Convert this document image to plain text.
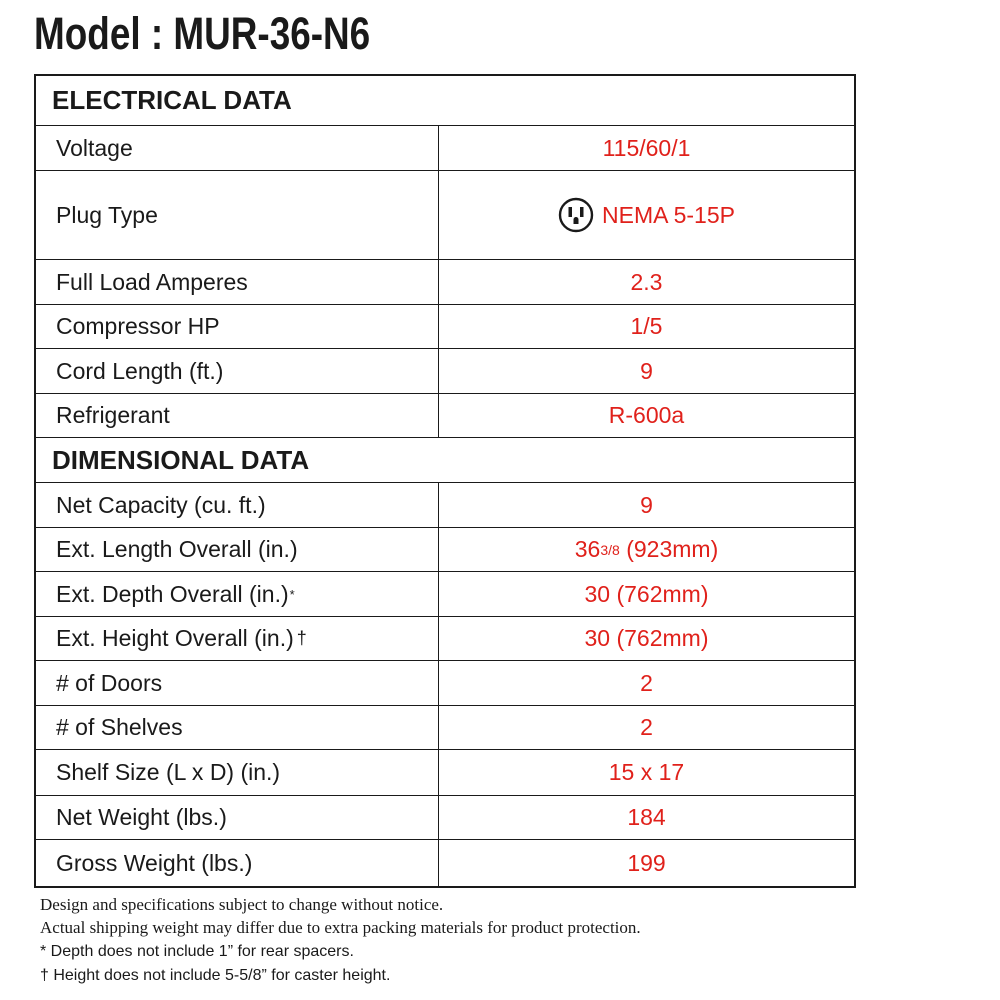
Model : MUR-36-N6
ELECTRICAL DATA
Voltage	115/60/1
Plug Type	NEMA 5-15P
Full Load Amperes	2.3
Compressor HP	1/5
Cord Length (ft.)	9
Refrigerant	R-600a
DIMENSIONAL DATA
Net Capacity (cu. ft.)	9
Ext. Length Overall (in.)	36 3/8 (923mm)
Ext. Depth Overall (in.) *	30 (762mm)
Ext. Height Overall (in.) †	30 (762mm)
# of Doors	2
# of Shelves	2
Shelf Size (L x D) (in.)	15 x 17
Net Weight (lbs.)	184
Gross Weight (lbs.)	199
Design and specifications subject to change without notice.
Actual shipping weight may differ due to extra packing materials for product protection.
* Depth does not include 1” for rear spacers.
† Height does not include 5-5/8” for caster height.
